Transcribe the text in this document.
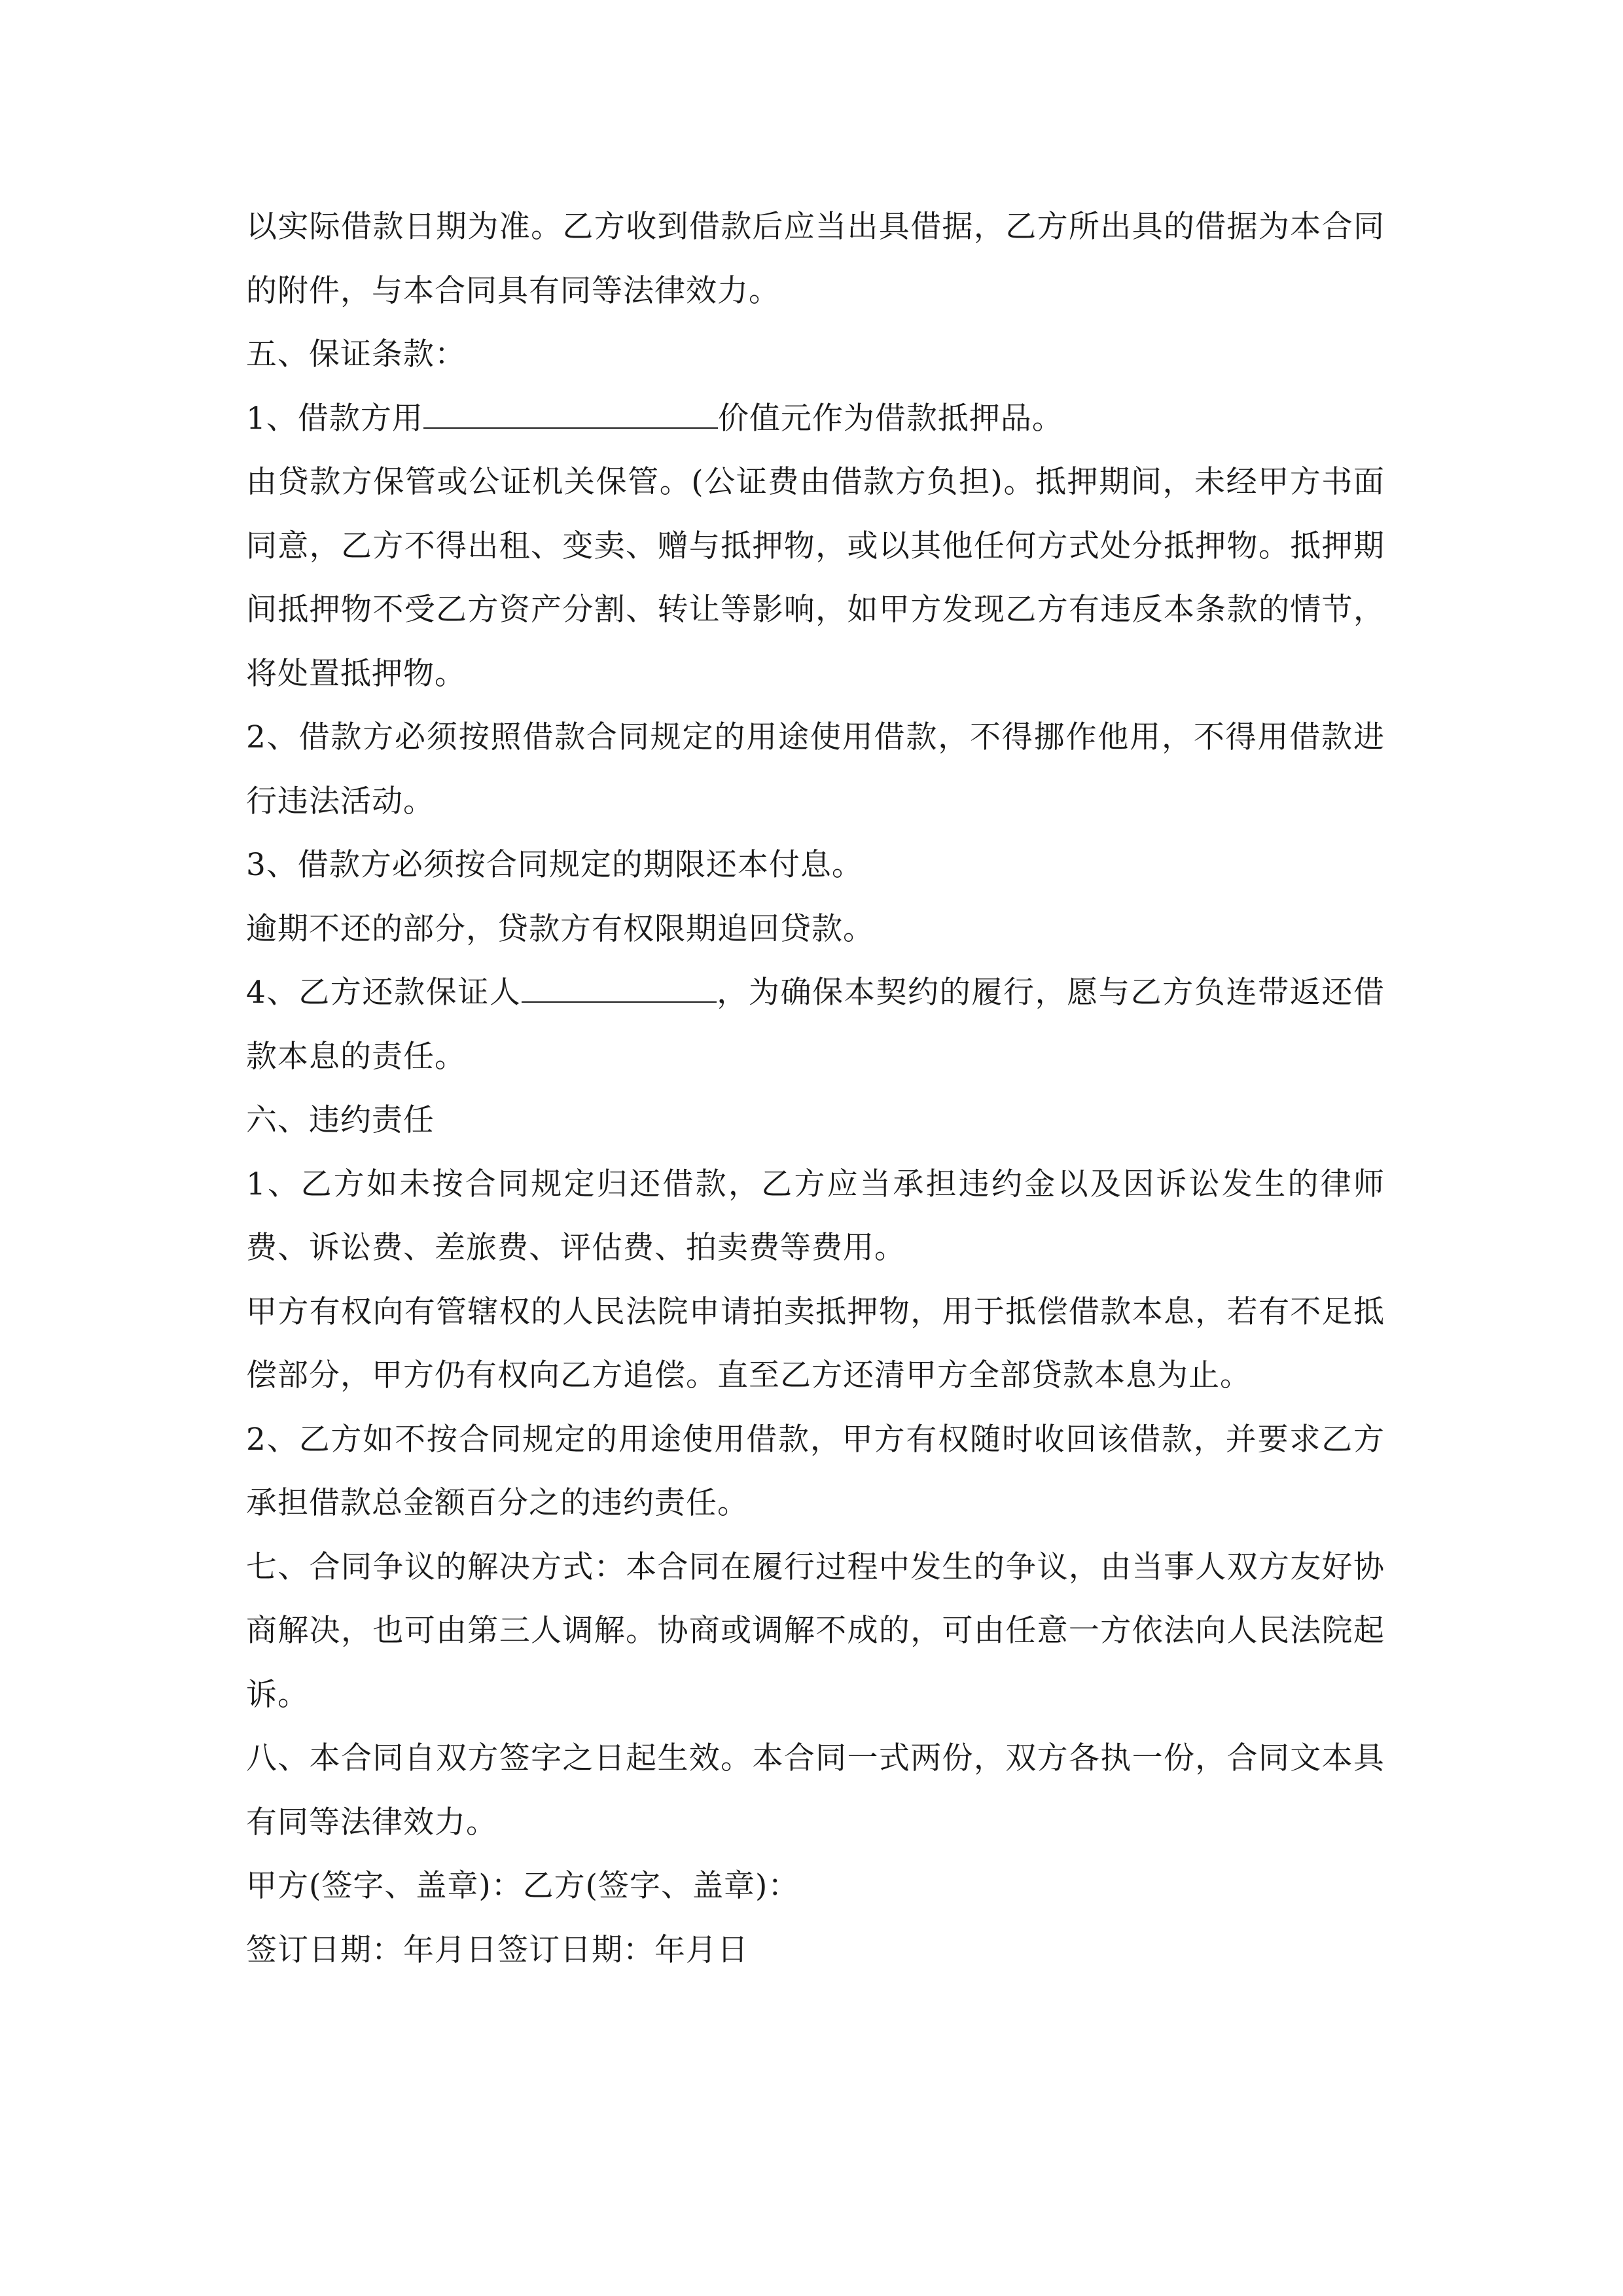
以实际借款日期为准。乙方收到借款后应当出具借据，乙方所出具的借据为本合同的附件，与本合同具有同等法律效力。

五、保证条款：

1、借款方用	价值元作为借款抵押品。

由贷款方保管或公证机关保管。(公证费由借款方负担)。抵押期间，未经甲方书面同意，乙方不得出租、变卖、赠与抵押物，或以其他任何方式处分抵押物。抵押期间抵押物不受乙方资产分割、转让等影响，如甲方发现乙方有违反本条款的情节，将处置抵押物。

2、借款方必须按照借款合同规定的用途使用借款，不得挪作他用，不得用借款进行违法活动。

3、借款方必须按合同规定的期限还本付息。

逾期不还的部分，贷款方有权限期追回贷款。

4、乙方还款保证人	，为确保本契约的履行，愿与乙方负连带返还借款本息的责任。

六、违约责任

1、乙方如未按合同规定归还借款，乙方应当承担违约金以及因诉讼发生的律师费、诉讼费、差旅费、评估费、拍卖费等费用。

甲方有权向有管辖权的人民法院申请拍卖抵押物，用于抵偿借款本息，若有不足抵偿部分，甲方仍有权向乙方追偿。直至乙方还清甲方全部贷款本息为止。

2、乙方如不按合同规定的用途使用借款，甲方有权随时收回该借款，并要求乙方承担借款总金额百分之的违约责任。

七、合同争议的解决方式：本合同在履行过程中发生的争议，由当事人双方友好协商解决，也可由第三人调解。协商或调解不成的，可由任意一方依法向人民法院起诉。

八、本合同自双方签字之日起生效。本合同一式两份，双方各执一份，合同文本具有同等法律效力。

甲方(签字、盖章)：乙方(签字、盖章)：

签订日期：年月日签订日期：年月日
